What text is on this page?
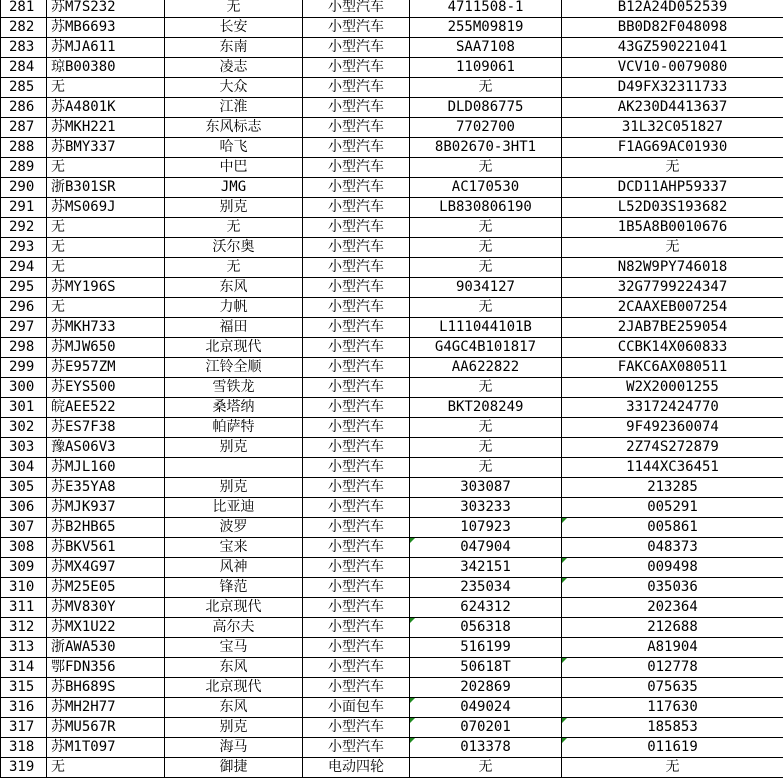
281	苏M7S232	无	小型汽车	4711508-1	B12A24D052539
282	苏MB6693	长安	小型汽车	255M09819	BB0D82F048098
283	苏MJA611	东南	小型汽车	SAA7108	43GZ590221041
284	琼B00380	凌志	小型汽车	1109061	VCV10-0079080
285	无	大众	小型汽车	无	D49FX32311733
286	苏A4801K	江淮	小型汽车	DLD086775	AK230D4413637
287	苏MKH221	东风标志	小型汽车	7702700	31L32C051827
288	苏BMY337	哈飞	小型汽车	8B02670-3HT1	F1AG69AC01930
289	无	中巴	小型汽车	无	无
290	浙B301SR	JMG	小型汽车	AC170530	DCD11AHP59337
291	苏MS069J	别克	小型汽车	LB830806190	L52D03S193682
292	无	无	小型汽车	无	1B5A8B0010676
293	无	沃尔奥	小型汽车	无	无
294	无	无	小型汽车	无	N82W9PY746018
295	苏MY196S	东风	小型汽车	9034127	32G7799224347
296	无	力帆	小型汽车	无	2CAAXEB007254
297	苏MKH733	福田	小型汽车	L111044101B	2JAB7BE259054
298	苏MJW650	北京现代	小型汽车	G4GC4B101817	CCBK14X060833
299	苏E957ZM	江铃全顺	小型汽车	AA622822	FAKC6AX080511
300	苏EYS500	雪铁龙	小型汽车	无	W2X20001255
301	皖AEE522	桑塔纳	小型汽车	BKT208249	33172424770
302	苏ES7F38	帕萨特	小型汽车	无	9F492360074
303	豫AS06V3	别克	小型汽车	无	2Z74S272879
304	苏MJL160		小型汽车	无	1144XC36451
305	苏E35YA8	别克	小型汽车	303087	213285
306	苏MJK937	比亚迪	小型汽车	303233	005291
307	苏B2HB65	波罗	小型汽车	107923	005861
308	苏BKV561	宝来	小型汽车	047904	048373
309	苏MX4G97	风神	小型汽车	342151	009498
310	苏M25E05	锋范	小型汽车	235034	035036
311	苏MV830Y	北京现代	小型汽车	624312	202364
312	苏MX1U22	高尔夫	小型汽车	056318	212688
313	浙AWA530	宝马	小型汽车	516199	A81904
314	鄂FDN356	东风	小型汽车	50618T	012778
315	苏BH689S	北京现代	小型汽车	202869	075635
316	苏MH2H77	东风	小面包车	049024	117630
317	苏MU567R	别克	小型汽车	070201	185853
318	苏M1T097	海马	小型汽车	013378	011619
319	无	御捷	电动四轮	无	无
